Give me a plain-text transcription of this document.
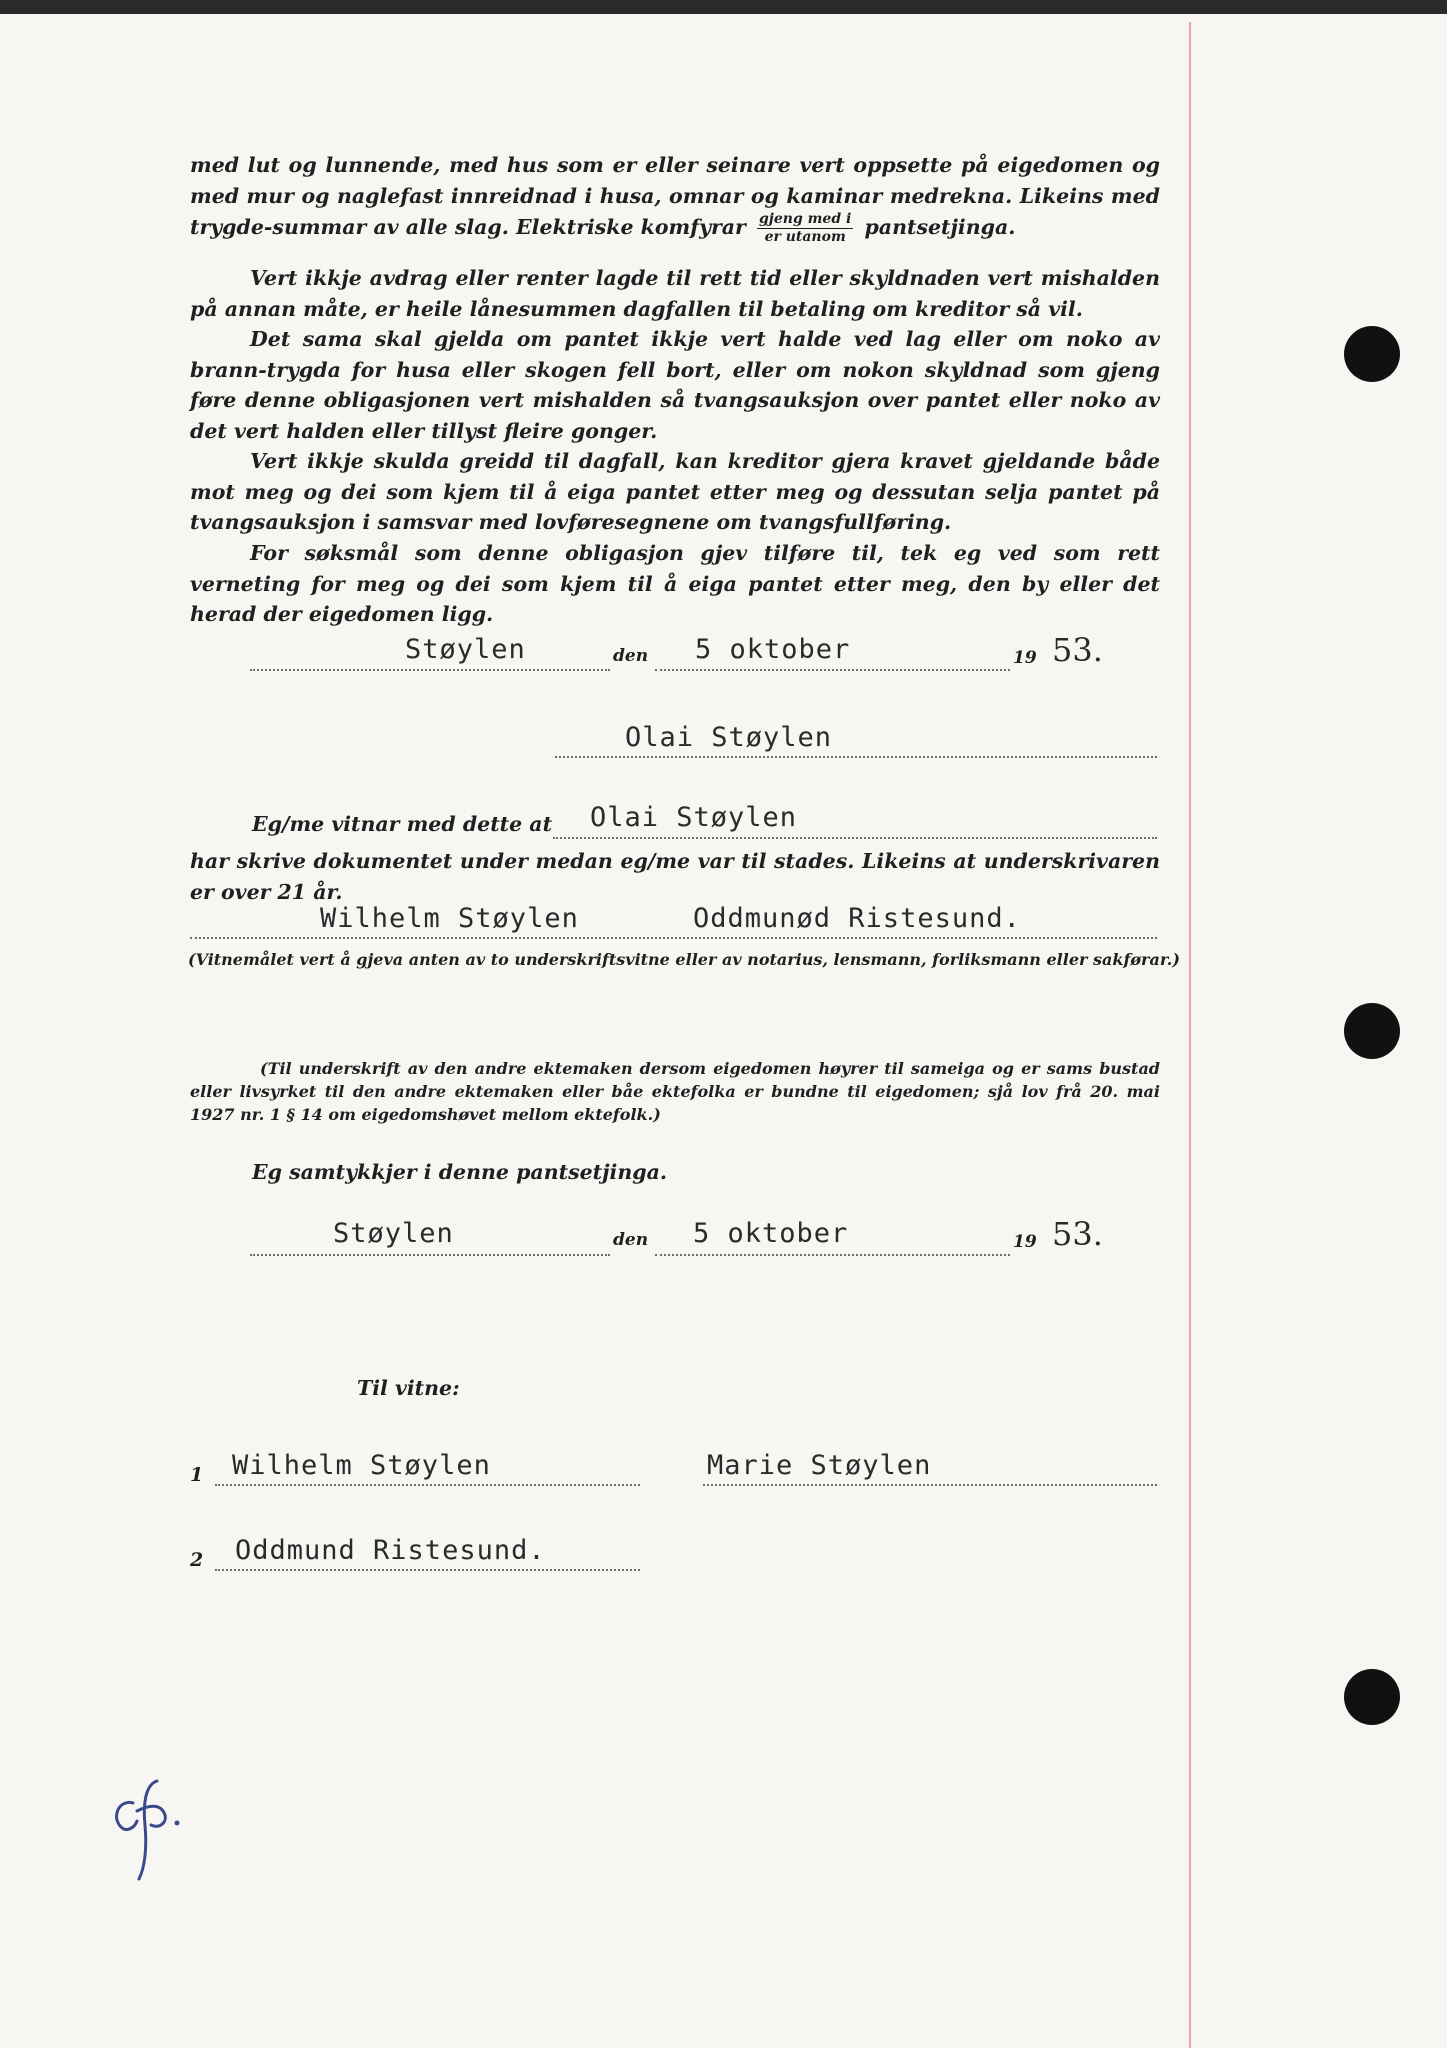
med lut og lunnende, med hus som er eller seinare vert oppsette på eigedomen og med mur og naglefast innreidnad i husa, omnar og kaminar medrekna. Likeins med trygde-summar av alle slag. Elektriske komfyrar $\frac{\text{gjeng med i}}{\text{er utanom}}$ pantsetjinga.

Vert ikkje avdrag eller renter lagde til rett tid eller skyldnaden vert mishalden på annan måte, er heile lånesummen dagfallen til betaling om kreditor så vil.

Det sama skal gjelda om pantet ikkje vert halde ved lag eller om noko av brann-trygda for husa eller skogen fell bort, eller om nokon skyldnad som gjeng føre denne obligasjonen vert mishalden så tvangsauksjon over pantet eller noko av det vert halden eller tillyst fleire gonger.

Vert ikkje skulda greidd til dagfall, kan kreditor gjera kravet gjeldande både mot meg og dei som kjem til å eiga pantet etter meg og dessutan selja pantet på tvangsauksjon i samsvar med lovføresegnene om tvangsfullføring.

For søksmål som denne obligasjon gjev tilføre til, tek eg ved som rett verneting for meg og dei som kjem til å eiga pantet etter meg, den by eller det herad der eigedomen ligg.

Støylen	den 5 oktober	19 53.
Olai Støylen
Eg/me vitnar med dette at Olai Støylen

har skrive dokumentet under medan eg/me var til stades. Likeins at underskrivaren er over 21 år.

Wilhelm Støylen	Oddmunød Ristesund.
(Vitnemålet vert å gjeva anten av to underskriftsvitne eller av notarius, lensmann, forliksmann eller sakførar.)
(Til underskrift av den andre ektemaken dersom eigedomen høyrer til sameiga og er sams bustad eller livsyrket til den andre ektemaken eller båe ektefolka er bundne til eigedomen; sjå lov frå 20. mai 1927 nr. 1 § 14 om eigedomshøvet mellom ektefolk.)
Eg samtykkjer i denne pantsetjinga.
Støylen	den 5 oktober	19 53.
Til vitne:
1 Wilhelm Støylen	Marie Støylen
2 Oddmund Ristesund.
